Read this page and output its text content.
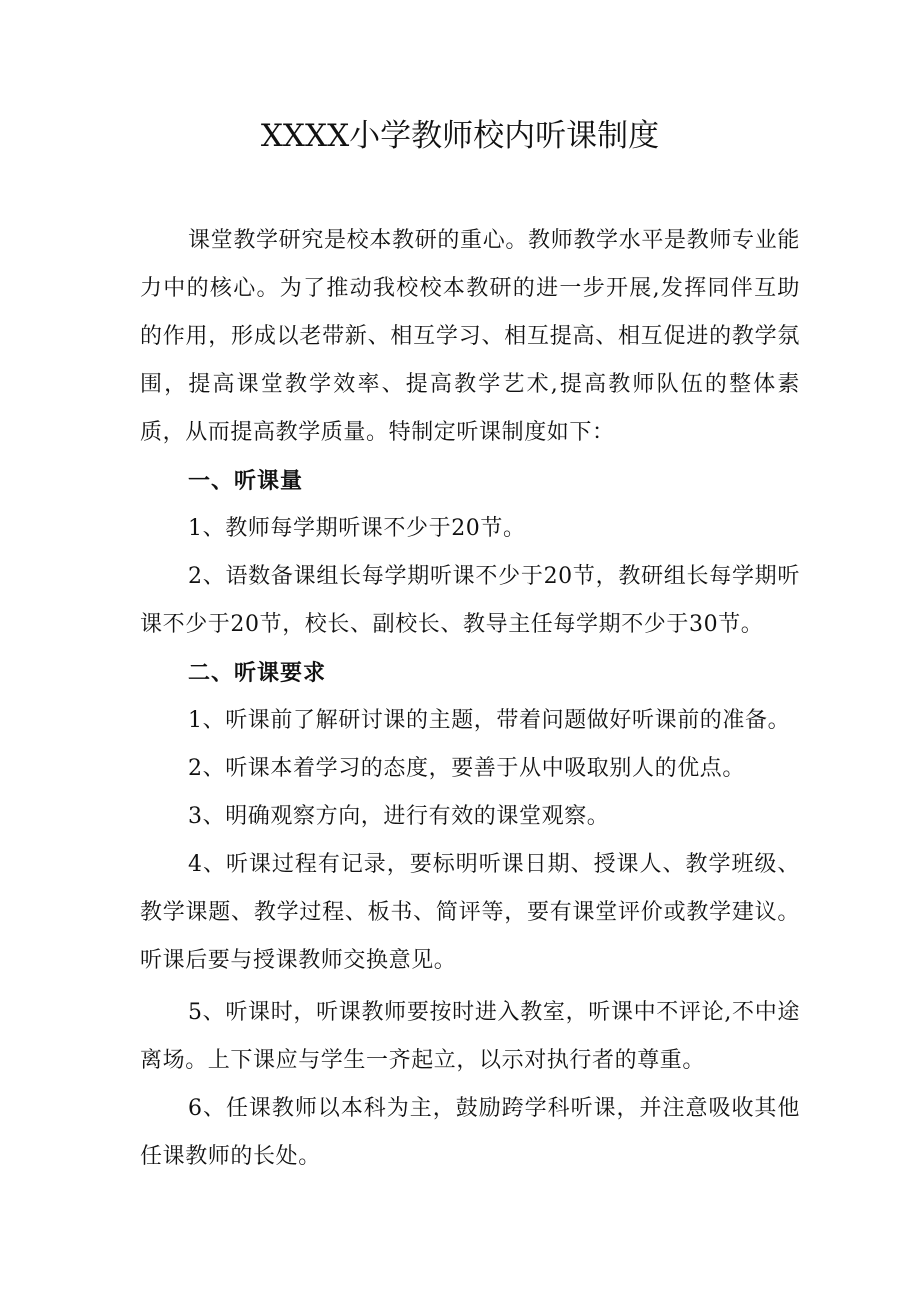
XXXX小学教师校内听课制度

课堂教学研究是校本教研的重心。教师教学水平是教师专业能力中的核心。为了推动我校校本教研的进一步开展,发挥同伴互助的作用，形成以老带新、相互学习、相互提高、相互促进的教学氛围，提高课堂教学效率、提高教学艺术,提高教师队伍的整体素质，从而提高教学质量。特制定听课制度如下：

一、听课量

1、教师每学期听课不少于20节。

2、语数备课组长每学期听课不少于20节，教研组长每学期听课不少于20节，校长、副校长、教导主任每学期不少于30节。

二、听课要求

1、听课前了解研讨课的主题，带着问题做好听课前的准备。

2、听课本着学习的态度，要善于从中吸取别人的优点。

3、明确观察方向，进行有效的课堂观察。

4、听课过程有记录，要标明听课日期、授课人、教学班级、教学课题、教学过程、板书、简评等，要有课堂评价或教学建议。听课后要与授课教师交换意见。

5、听课时，听课教师要按时进入教室，听课中不评论,不中途离场。上下课应与学生一齐起立，以示对执行者的尊重。

6、任课教师以本科为主，鼓励跨学科听课，并注意吸收其他任课教师的长处。
